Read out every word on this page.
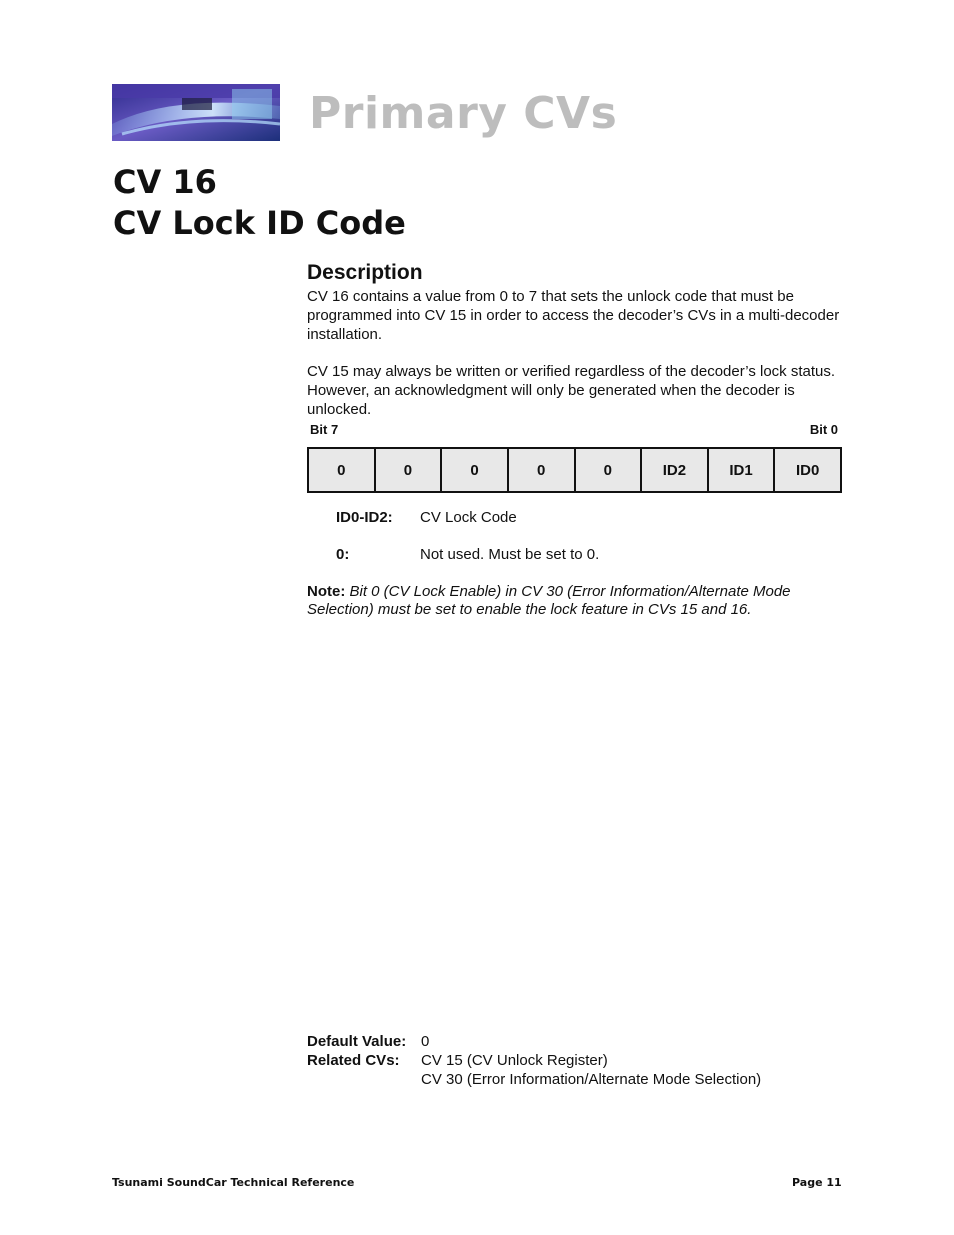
Primary CVs
CV 16
CV Lock ID Code
Description

CV 16 contains a value from 0 to 7 that sets the unlock code that must be programmed into CV 15 in order to access the decoder’s CVs in a multi-decoder installation.

CV 15 may always be written or verified regardless of the decoder’s lock status. However, an acknowledgment will only be generated when the decoder is unlocked.

Bit 7	Bit 0
0	0	0	0	0	ID2	ID1	ID0
ID0-ID2:	CV Lock Code
0:	Not used. Must be set to 0.
Note: Bit 0 (CV Lock Enable) in CV 30 (Error Information/Alternate Mode Selection) must be set to enable the lock feature in CVs 15 and 16.
Default Value: 0
Related CVs:	CV 15 (CV Unlock Register)
CV 30 (Error Information/Alternate Mode Selection)
Tsunami SoundCar Technical Reference	Page 11
